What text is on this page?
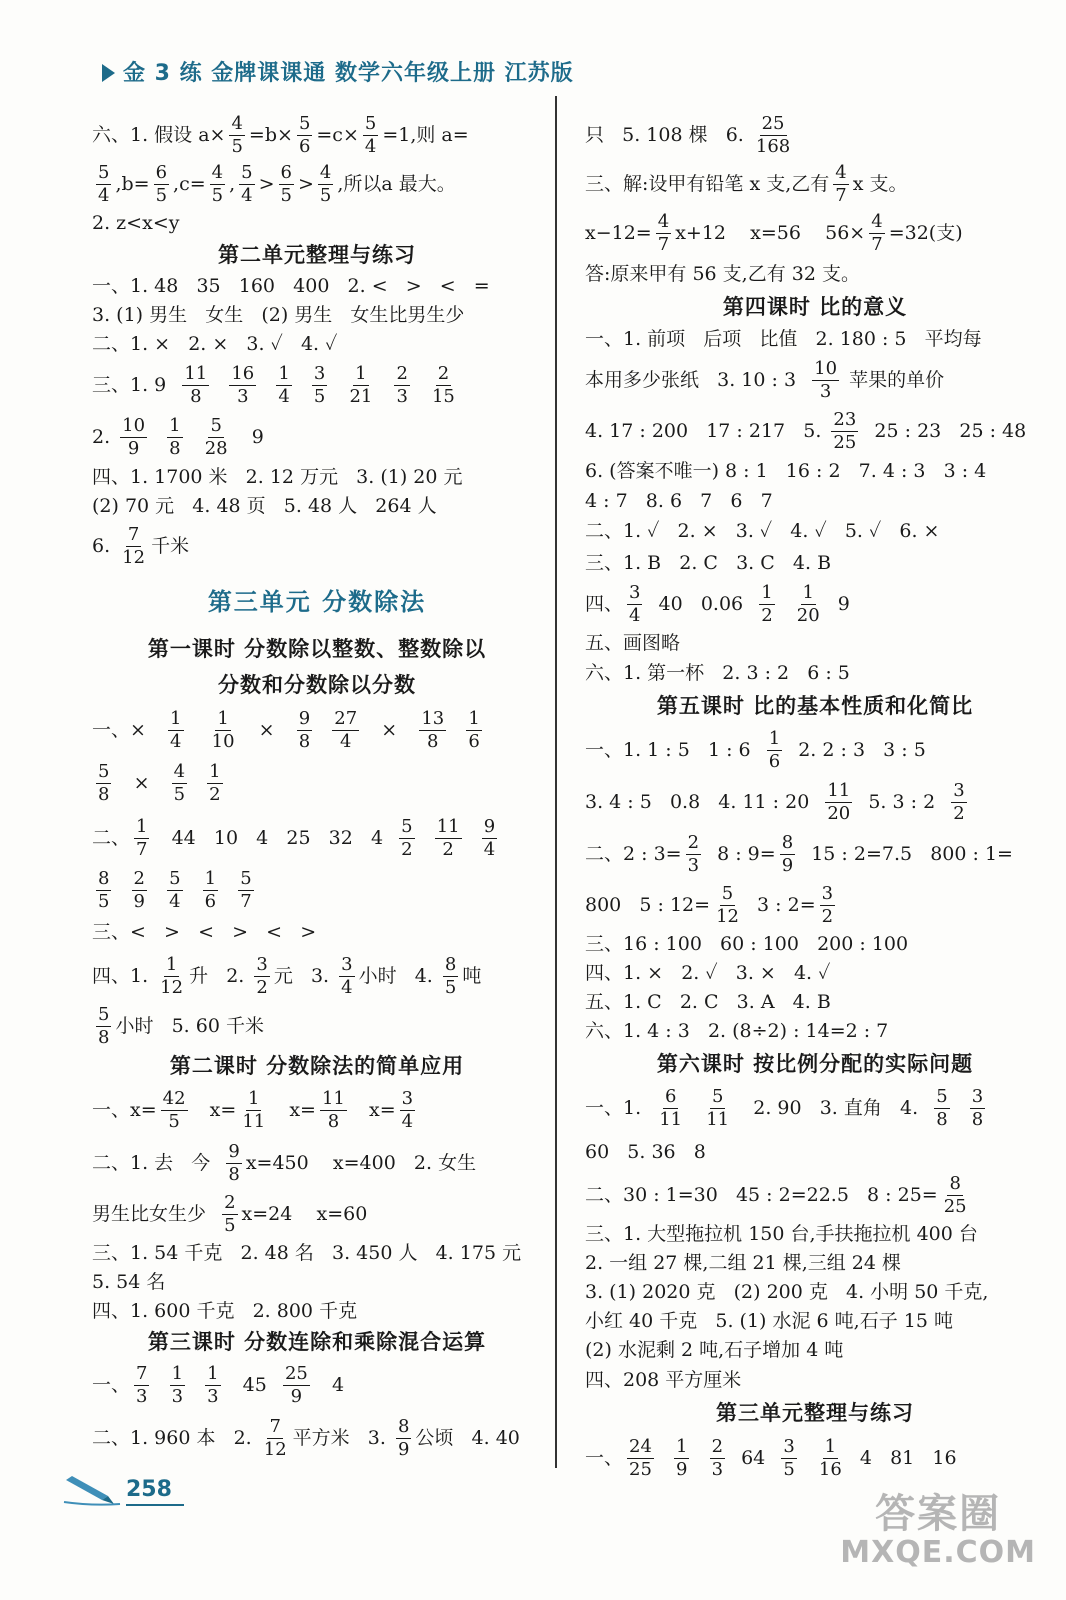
金 3 练 金牌课课通 数学六年级上册 江苏版
六、1. 假设 $a\times \frac{4}{5} =b\times \frac{5}{6} =c\times \frac{5}{4} =1$,则 a=
$\frac{5}{4} ,b= \frac{6}{5} ,c= \frac{4}{5}$ , $\frac{5}{4} > \frac{6}{5} > \frac{4}{5}$ ,所以a 最大。
2. z<x<y
第二单元整理与练习
一、1. 48   35   160   400   2. <   >   <   =
3. (1) 男生   女生   (2) 男生   女生比男生少
二、1. ×   2. ×   3. ✓   4. ✓
三、1. $9 \frac{11}{8}$
$\frac{16}{3}$
$\frac{1}{4}$
$\frac{3}{5}$
$\frac{1}{21}$
$\frac{2}{3}$
$\frac{2}{15}$
2. $\frac{10}{9}$
$\frac{1}{8}$
$\frac{5}{28} 9$
四、1. 1700 米   2. 12 万元   3. (1) 20 元
(2) 70 元   4. 48 页   5. 48 人   264 人
6. $\frac{7}{12}$ 千米
第三单元 分数除法
第一课时 分数除以整数、整数除以
分数和分数除以分数
一、× $\frac{1}{4}$
$\frac{1}{10} \times \frac{9}{8}$
$\frac{27}{4} \times \frac{13}{8}$
$\frac{1}{6}$
$\frac{5}{8} \times \frac{4}{5}$
$\frac{1}{2}$
二、 $\frac{1}{7} 44$   10   4   25   32   $4 \frac{5}{2}$
$\frac{11}{2}$
$\frac{9}{4}$
$\frac{8}{5}$
$\frac{2}{9}$
$\frac{5}{4}$
$\frac{1}{6}$
$\frac{5}{7}$
三、<   >   <   >   <   >
四、1. $\frac{1}{12}$ 升   2. $\frac{3}{2}$ 元   3. $\frac{3}{4}$ 小时   4. $\frac{8}{5}$ 吨
$\frac{5}{8}$ 小时   5. 60 千米
第二课时 分数除法的简单应用
一、$x= \frac{42}{5} x= \frac{1}{11} x= \frac{11}{8} x= \frac{3}{4}$
二、1. 去   今 $\frac{9}{8} x=450$    x=400   2. 女生
男生比女生少 $\frac{2}{5} x=24$    x=60
三、1. 54 千克   2. 48 名   3. 450 人   4. 175 元
5. 54 名
四、1. 600 千克   2. 800 千克
第三课时 分数连除和乘除混合运算
一、 $\frac{7}{3}$
$\frac{1}{3}$
$\frac{1}{3} 45 \frac{25}{9} 4$
二、1. 960 本   2. $\frac{7}{12}$ 平方米   3. $\frac{8}{9}$ 公顷   4. 40
只   5. 108 棵   6. $\frac{25}{168}$
三、解:设甲有铅笔 x 支,乙有 $\frac{4}{7}$ x 支。
$x-12= \frac{4}{7} x+12$    x=56    $56\times \frac{4}{7} =32$(支)
答:原来甲有 56 支,乙有 32 支。
第四课时 比的意义
一、1. 前项   后项   比值   2. 180 : 5   平均每
本用多少张纸   3. 10 : $3 \frac{10}{3}$ 苹果的单价
4. 17 : 200   17 : 217   5. $\frac{23}{25} 25$ : 23   25 : 48
6. (答案不唯一) 8 : 1   16 : 2   7. 4 : 3   3 : 4
4 : 7   8. 6   7   6   7
二、1. ✓   2. ×   3. ✓   4. ✓   5. ✓   6. ×
三、1. B   2. C   3. C   4. B
四、 $\frac{3}{4} 40$   $0.06 \frac{1}{2}$
$\frac{1}{20} 9$
五、画图略
六、1. 第一杯   2. 3 : 2   6 : 5
第五课时 比的基本性质和化简比
一、1. 1 : 5   1 : $6 \frac{1}{6} 2$. 2 : 3   3 : 5
3. 4 : 5   0.8   4. 11 : $20 \frac{11}{20} 5$. 3 : $2 \frac{3}{2}$
二、2 : $3= \frac{2}{3} 8$ : $9= \frac{8}{9} 15$ : 2=7.5   800 : 1=
800   5 : $12= \frac{5}{12} 3$ : $2= \frac{3}{2}$
三、16 : 100   60 : 100   200 : 100
四、1. ×   2. ✓   3. ×   4. ✓
五、1. C   2. C   3. A   4. B
六、1. 4 : 3   2. (8÷2) : 14=2 : 7
第六课时 按比例分配的实际问题
一、1. $\frac{6}{11}$
$\frac{5}{11} 2$. 90   3. 直角   4. $\frac{5}{8}$
$\frac{3}{8}$
60   5. 36   8
二、30 : 1=30   45 : 2=22.5   8 : $25= \frac{8}{25}$
三、1. 大型拖拉机 150 台,手扶拖拉机 400 台
2. 一组 27 棵,二组 21 棵,三组 24 棵
3. (1) 2020 克   (2) 200 克   4. 小明 50 千克,
小红 40 千克   5. (1) 水泥 6 吨,石子 15 吨
(2) 水泥剩 2 吨,石子增加 4 吨
四、208 平方厘米
第三单元整理与练习
一、 $\frac{24}{25}$
$\frac{1}{9}$
$\frac{2}{3} 64 \frac{3}{5}$
$\frac{1}{16} 4$   81   16
258
答案圈
MXQE.COM
